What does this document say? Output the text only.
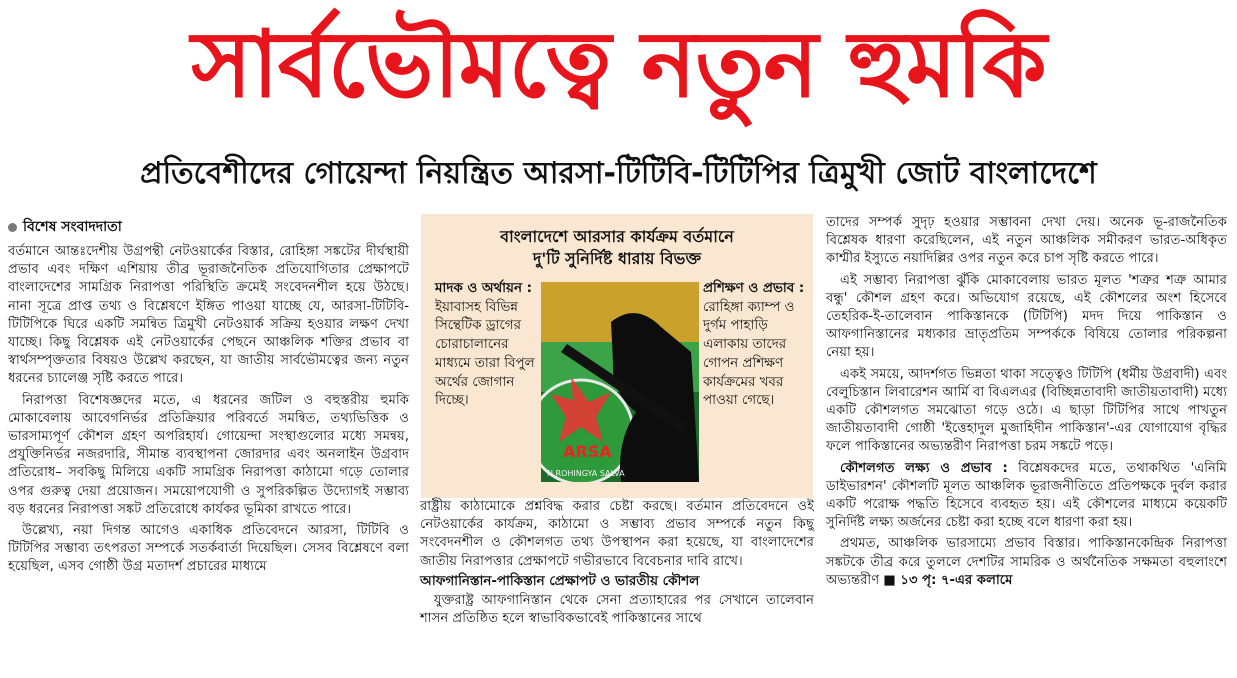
সার্বভৌমত্বে নতুন হুমকি
প্রতিবেশীদের গোয়েন্দা নিয়ন্ত্রিত আরসা-টিটিবি-টিটিপির ত্রিমুখী জোট বাংলাদেশে
বিশেষ সংবাদদাতা

বর্তমানে আন্তঃদেশীয় উগ্রপন্থী নেটওয়ার্কের বিস্তার, রোহিঙ্গা সঙ্কটের দীর্ঘস্থায়ী প্রভাব এবং দক্ষিণ এশিয়ায় তীব্র ভূরাজনৈতিক প্রতিযোগিতার প্রেক্ষাপটে বাংলাদেশের সামগ্রিক নিরাপত্তা পরিস্থিতি ক্রমেই সংবেদনশীল হয়ে উঠছে। নানা সূত্রে প্রাপ্ত তথ্য ও বিশ্লেষণে ইঙ্গিত পাওয়া যাচ্ছে যে, আরসা-টিটিবি-টিটিপিকে ঘিরে একটি সমন্বিত ত্রিমুখী নেটওয়ার্ক সক্রিয় হওয়ার লক্ষণ দেখা যাচ্ছে। কিছু বিশ্লেষক এই নেটওয়ার্কের পেছনে আঞ্চলিক শক্তির প্রভাব বা স্বার্থসম্পৃক্ততার বিষয়ও উল্লেখ করছেন, যা জাতীয় সার্বভৌমত্বের জন্য নতুন ধরনের চ্যালেঞ্জ সৃষ্টি করতে পারে।

নিরাপত্তা বিশেষজ্ঞদের মতে, এ ধরনের জটিল ও বহুস্তরীয় হুমকি মোকাবেলায় আবেগনির্ভর প্রতিক্রিয়ার পরিবর্তে সমন্বিত, তথ্যভিত্তিক ও ভারসাম্যপূর্ণ কৌশল গ্রহণ অপরিহার্য। গোয়েন্দা সংস্থাগুলোর মধ্যে সমন্বয়, প্রযুক্তিনির্ভর নজরদারি, সীমান্ত ব্যবস্থাপনা জোরদার এবং অনলাইন উগ্রবাদ প্রতিরোধ– সবকিছু মিলিয়ে একটি সামগ্রিক নিরাপত্তা কাঠামো গড়ে তোলার ওপর গুরুত্ব দেয়া প্রয়োজন। সময়োপযোগী ও সুপরিকল্পিত উদ্যোগই সম্ভাব্য বড় ধরনের নিরাপত্তা সঙ্কট প্রতিরোধে কার্যকর ভূমিকা রাখতে পারে।

উল্লেখ্য, নয়া দিগন্ত আগেও একাধিক প্রতিবেদনে আরসা, টিটিবি ও টিটিপির সম্ভাব্য তৎপরতা সম্পর্কে সতর্কবার্তা দিয়েছিল। সেসব বিশ্লেষণে বলা হয়েছিল, এসব গোষ্ঠী উগ্র মতাদর্শ প্রচারের মাধ্যমে

বাংলাদেশে আরসার কার্যক্রম বর্তমানে
দু'টি সুনির্দিষ্ট ধারায় বিভক্ত
মাদক ও অর্থায়ন :
ইয়াবাসহ বিভিন্ন সিন্থেটিক ড্রাগের চোরাচালানের মাধ্যমে তারা বিপুল অর্থের জোগান দিচ্ছে।
ARSA
N ROHINGYA SALVA
প্রশিক্ষণ ও প্রভাব :
রোহিঙ্গা ক্যাম্প ও দুর্গম পাহাড়ি এলাকায় তাদের গোপন প্রশিক্ষণ কার্যক্রমের খবর পাওয়া গেছে।

রাষ্ট্রীয় কাঠামোকে প্রশ্নবিদ্ধ করার চেষ্টা করছে। বর্তমান প্রতিবেদনে ওই নেটওয়ার্কের কার্যক্রম, কাঠামো ও সম্ভাব্য প্রভাব সম্পর্কে নতুন কিছু সংবেদনশীল ও কৌশলগত তথ্য উপস্থাপন করা হয়েছে, যা বাংলাদেশের জাতীয় নিরাপত্তার প্রেক্ষাপটে গভীরভাবে বিবেচনার দাবি রাখে।

আফগানিস্তান-পাকিস্তান প্রেক্ষাপট ও ভারতীয় কৌশল

যুক্তরাষ্ট্র আফগানিস্তান থেকে সেনা প্রত্যাহারের পর সেখানে তালেবান শাসন প্রতিষ্ঠিত হলে স্বাভাবিকভাবেই পাকিস্তানের সাথে

তাদের সম্পর্ক সুদৃঢ় হওয়ার সম্ভাবনা দেখা দেয়। অনেক ভূ-রাজনৈতিক বিশ্লেষক ধারণা করেছিলেন, এই নতুন আঞ্চলিক সমীকরণ ভারত-অধিকৃত কাশ্মীর ইস্যুতে নয়াদিল্লির ওপর নতুন করে চাপ সৃষ্টি করতে পারে।

এই সম্ভাব্য নিরাপত্তা ঝুঁকি মোকাবেলায় ভারত মূলত 'শত্রুর শত্রু আমার বন্ধু' কৌশল গ্রহণ করে। অভিযোগ রয়েছে, এই কৌশলের অংশ হিসেবে তেহরিক-ই-তালেবান পাকিস্তানকে (টিটিপি) মদদ দিয়ে পাকিস্তান ও আফগানিস্তানের মধ্যকার ভ্রাতৃপ্রতিম সম্পর্ককে বিষিয়ে তোলার পরিকল্পনা নেয়া হয়।

একই সময়ে, আদর্শগত ভিন্নতা থাকা সত্ত্বেও টিটিপি (ধর্মীয় উগ্রবাদী) এবং বেলুচিস্তান লিবারেশন আর্মি বা বিএলএর (বিচ্ছিন্নতাবাদী জাতীয়তাবাদী) মধ্যে একটি কৌশলগত সমঝোতা গড়ে ওঠে। এ ছাড়া টিটিপির সাথে পাখতুন জাতীয়তাবাদী গোষ্ঠী 'ইত্তেহাদুল মুজাহিদীন পাকিস্তান'-এর যোগাযোগ বৃদ্ধির ফলে পাকিস্তানের অভ্যন্তরীণ নিরাপত্তা চরম সঙ্কটে পড়ে।

কৌশলগত লক্ষ্য ও প্রভাব : বিশ্লেষকদের মতে, তথাকথিত 'এনিমি ডাইভারশন' কৌশলটি মূলত আঞ্চলিক ভূরাজনীতিতে প্রতিপক্ষকে দুর্বল করার একটি পরোক্ষ পদ্ধতি হিসেবে ব্যবহৃত হয়। এই কৌশলের মাধ্যমে কয়েকটি সুনির্দিষ্ট লক্ষ্য অর্জনের চেষ্টা করা হচ্ছে বলে ধারণা করা হয়।

প্রথমত, আঞ্চলিক ভারসাম্যে প্রভাব বিস্তার। পাকিস্তানকেন্দ্রিক নিরাপত্তা সঙ্কটকে তীব্র করে তুললে দেশটির সামরিক ও অর্থনৈতিক সক্ষমতা বহুলাংশে অভ্যন্তরীণ ■ ১৩ পৃ: ৭-এর কলামে
